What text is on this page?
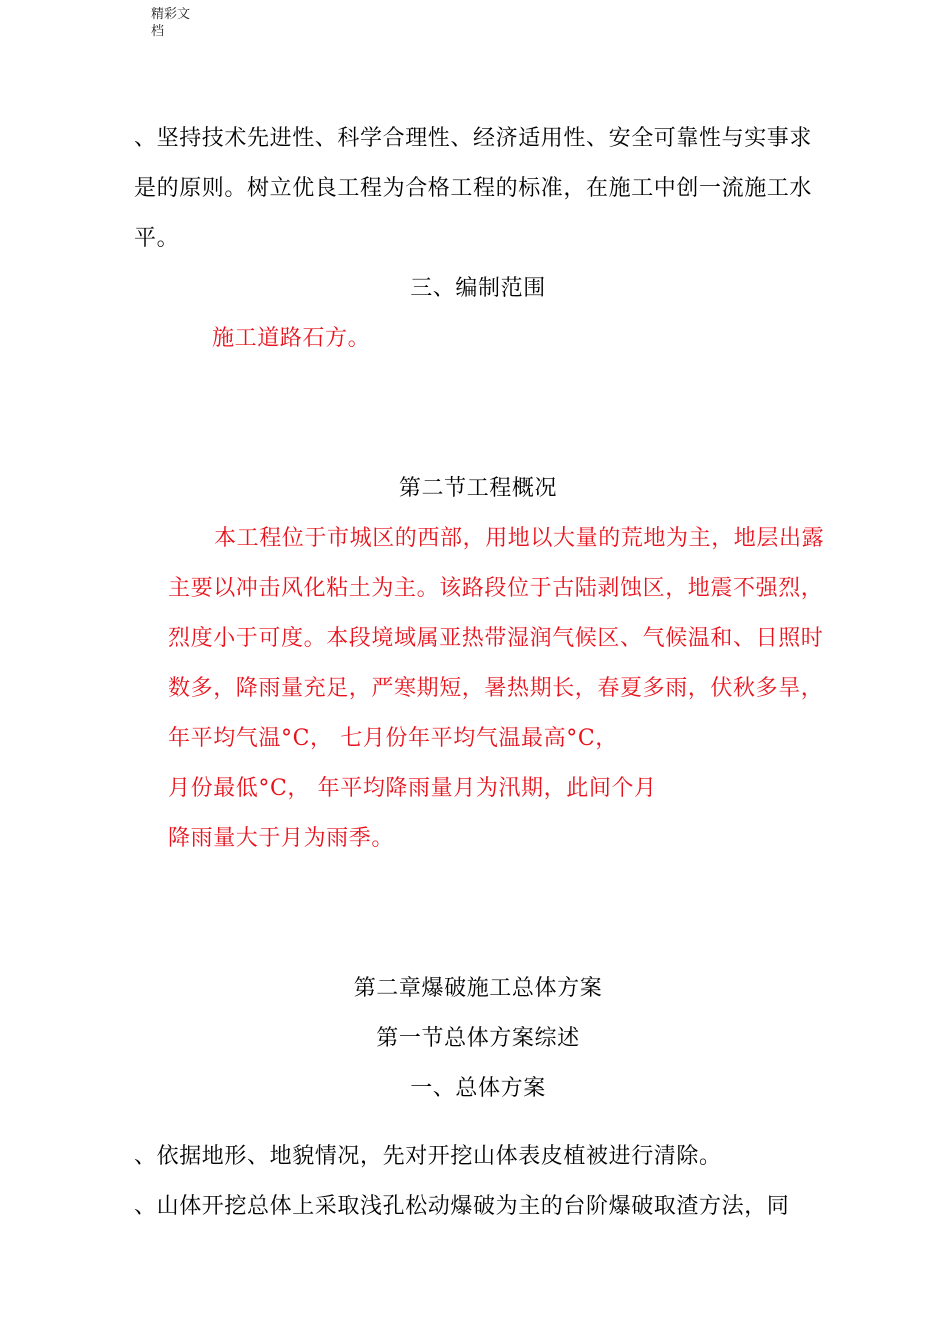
精彩文
档
、坚持技术先进性、科学合理性、经济适用性、安全可靠性与实事求
是的原则。树立优良工程为合格工程的标准，在施工中创一流施工水
平。
三、编制范围
施工道路石方。
第二节工程概况
本工程位于市城区的西部，用地以大量的荒地为主，地层出露
主要以冲击风化粘土为主。该路段位于古陆剥蚀区，地震不强烈，
烈度小于可度。本段境域属亚热带湿润气候区、气候温和、日照时
数多，降雨量充足，严寒期短，暑热期长，春夏多雨，伏秋多旱，
年平均气温°C， 七月份年平均气温最高°C，
月份最低°C， 年平均降雨量月为汛期，此间个月
降雨量大于月为雨季。
第二章爆破施工总体方案
第一节总体方案综述
一、总体方案
、依据地形、地貌情况，先对开挖山体表皮植被进行清除。
、山体开挖总体上采取浅孔松动爆破为主的台阶爆破取渣方法，同
